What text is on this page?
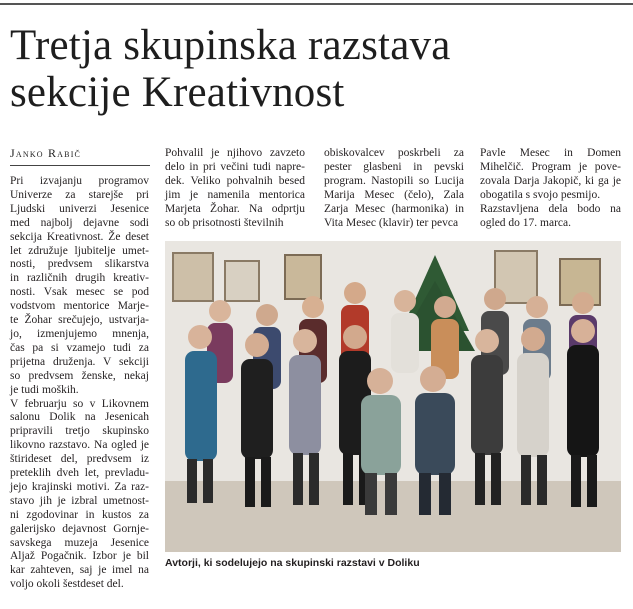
Tretja skupinska razstava
sekcije Kreativnost
Janko Rabič
Pri izvajanju programov
Univerze za starejše pri
Ljudski univerzi Jesenice
med najbolj dejavne sodi
sekcija Kreativnost. Že deset
let združuje ljubitelje umet-
nosti, predvsem slikarstva
in različnih drugih kreativ-
nosti. Vsak mesec se pod
vodstvom mentorice Marje-
te Žohar srečujejo, ustvarja-
jo, izmenjujemo mnenja,
čas pa si vzamejo tudi za
prijetna druženja. V sekciji
so predvsem ženske, nekaj
je tudi moških.
V februarju so v Likovnem
salonu Dolik na Jesenicah
pripravili tretjo skupinsko
likovno razstavo. Na ogled je
štirideset del, predvsem iz
preteklih dveh let, prevladu-
jejo krajinski motivi. Za raz-
stavo jih je izbral umetnost-
ni zgodovinar in kustos za
galerijsko dejavnost Gornje-
savskega muzeja Jesenice
Aljaž Pogačnik. Izbor je bil
kar zahteven, saj je imel na
voljo okoli šestdeset del.
Pohvalil je njihovo zavzeto
delo in pri večini tudi napre-
dek. Veliko pohvalnih besed
jim je namenila mentorica
Marjeta Žohar. Na odprtju
so ob prisotnosti številnih
obiskovalcev poskrbeli za
pester glasbeni in pevski
program. Nastopili so Lucija
Marija Mesec (čelo), Zala
Zarja Mesec (harmonika) in
Vita Mesec (klavir) ter pevca
Pavle Mesec in Domen
Mihelčič. Program je pove-
zovala Darja Jakopič, ki ga je
obogatila s svojo pesmijo.
Razstavljena dela bodo na
ogled do 17. marca.
Avtorji, ki sodelujejo na skupinski razstavi v Doliku
